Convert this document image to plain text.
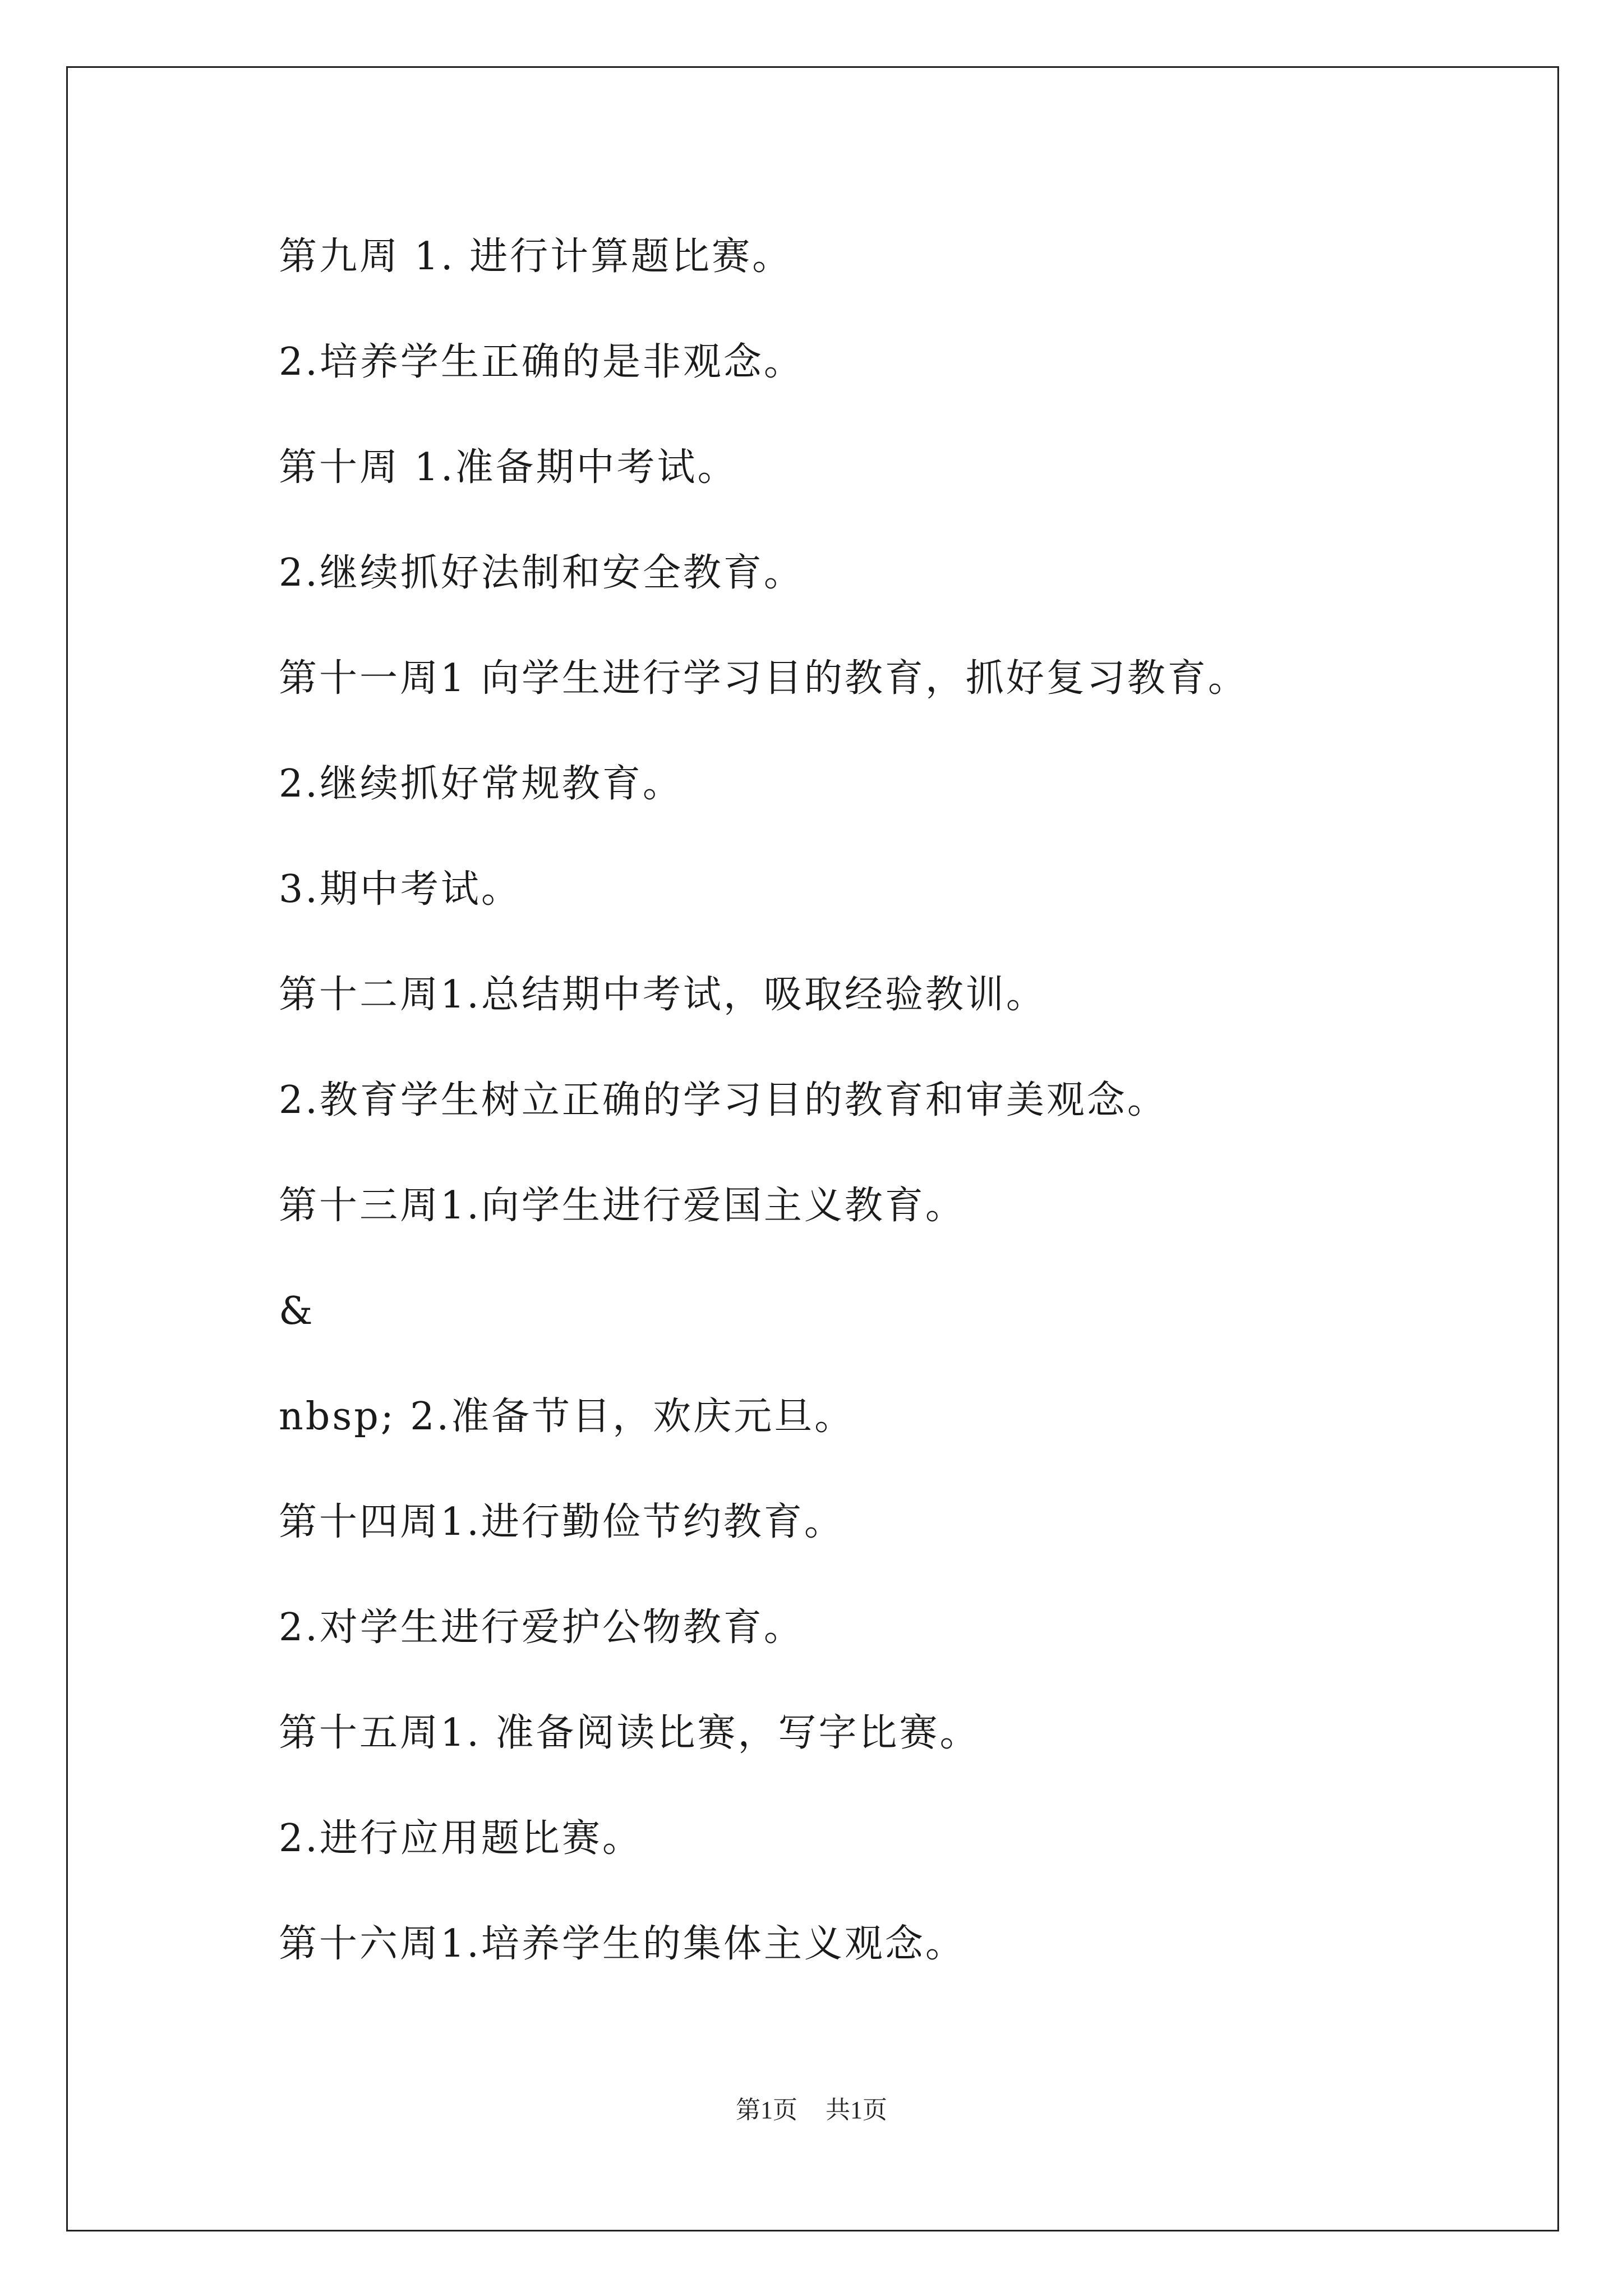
第九周 1. 进行计算题比赛。
2.培养学生正确的是非观念。
第十周 1.准备期中考试。
2.继续抓好法制和安全教育。
第十一周1 向学生进行学习目的教育，抓好复习教育。
2.继续抓好常规教育。
3.期中考试。
第十二周1.总结期中考试，吸取经验教训。
2.教育学生树立正确的学习目的教育和审美观念。
第十三周1.向学生进行爱国主义教育。
&
nbsp; 2.准备节目，欢庆元旦。
第十四周1.进行勤俭节约教育。
2.对学生进行爱护公物教育。
第十五周1. 准备阅读比赛，写字比赛。
2.进行应用题比赛。
第十六周1.培养学生的集体主义观念。
第1页 共1页
